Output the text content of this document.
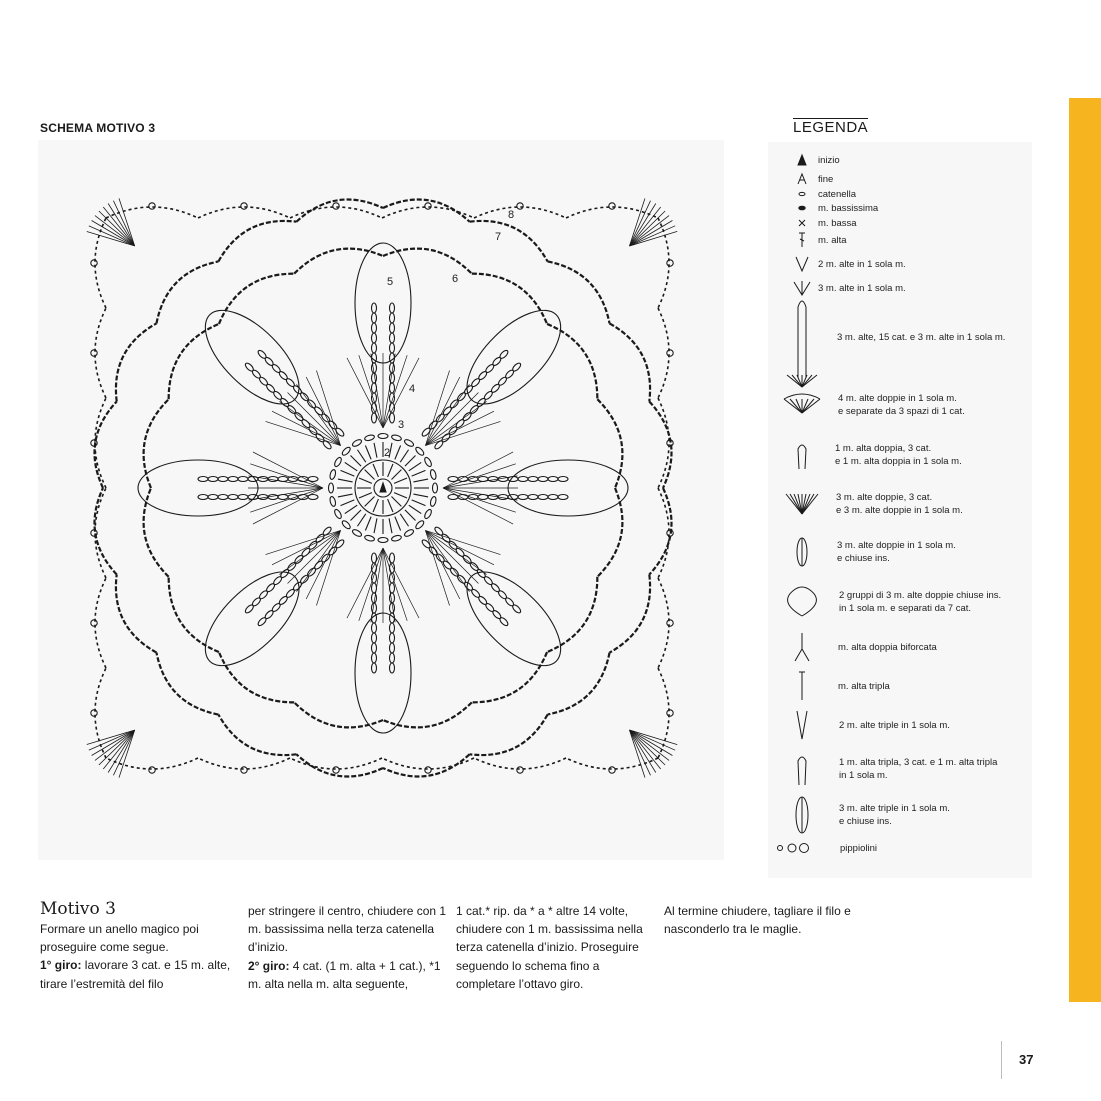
SCHEMA MOTIVO 3
2
3
4
5	6
7
8
LEGENDA
inizio
fine
catenella
m. bassissima
m. bassa
m. alta
2 m. alte in 1 sola m.
3 m. alte in 1 sola m.
3 m. alte, 15 cat. e 3 m. alte in 1 sola m.
4 m. alte doppie in 1 sola m.
e separate da 3 spazi di 1 cat.
1 m. alta doppia, 3 cat.
e 1 m. alta doppia in 1 sola m.
3 m. alte doppie, 3 cat.
e 3 m. alte doppie in 1 sola m.
3 m. alte doppie in 1 sola m.
e chiuse ins.
2 gruppi di 3 m. alte doppie chiuse ins.
in 1 sola m. e separati da 7 cat.
m. alta doppia biforcata
m. alta tripla
2 m. alte triple in 1 sola m.
1 m. alta tripla, 3 cat. e 1 m. alta tripla
in 1 sola m.
3 m. alte triple in 1 sola m.
e chiuse ins.
pippiolini
Motivo 3
Formare un anello magico poi proseguire come segue.
1° giro: lavorare 3 cat. e 15 m. alte, tirare l’estremità del filo
per stringere il centro, chiudere con 1 m. bassissima nella terza catenella d’inizio.
2° giro: 4 cat. (1 m. alta + 1 cat.), *1 m. alta nella m. alta seguente,
1 cat.* rip. da * a * altre 14 volte, chiudere con 1 m. bassissima nella terza catenella d’inizio. Proseguire seguendo lo schema fino a completare l’ottavo giro.
Al termine chiudere, tagliare il filo e nasconderlo tra le maglie.
37
